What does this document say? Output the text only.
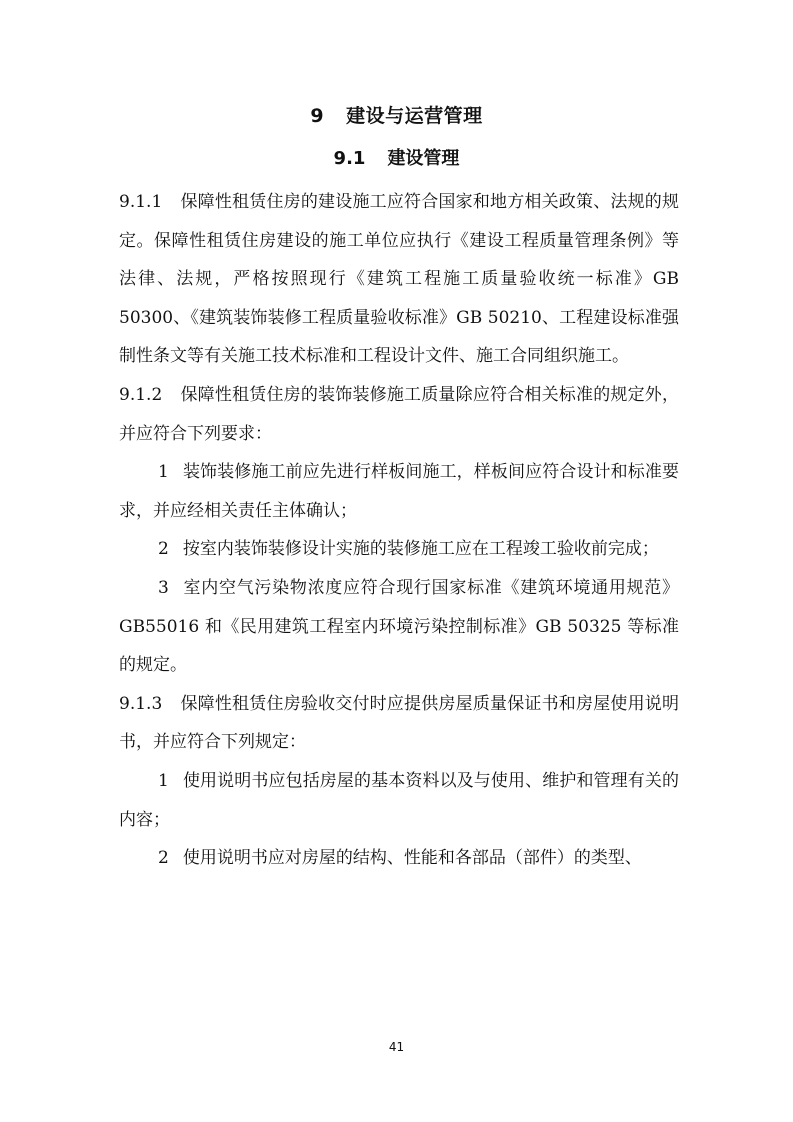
9 建设与运营管理
9.1 建设管理

9.1.1 保障性租赁住房的建设施工应符合国家和地方相关政策、法规的规定。保障性租赁住房建设的施工单位应执行《建设工程质量管理条例》等法律、法规，严格按照现行《建筑工程施工质量验收统一标准》GB 50300、《建筑装饰装修工程质量验收标准》GB 50210、工程建设标准强制性条文等有关施工技术标准和工程设计文件、施工合同组织施工。

9.1.2 保障性租赁住房的装饰装修施工质量除应符合相关标准的规定外，并应符合下列要求：

1 装饰装修施工前应先进行样板间施工，样板间应符合设计和标准要求，并应经相关责任主体确认；

2 按室内装饰装修设计实施的装修施工应在工程竣工验收前完成；

3 室内空气污染物浓度应符合现行国家标准《建筑环境通用规范》GB55016 和《民用建筑工程室内环境污染控制标准》GB 50325 等标准的规定。

9.1.3 保障性租赁住房验收交付时应提供房屋质量保证书和房屋使用说明书，并应符合下列规定：

1 使用说明书应包括房屋的基本资料以及与使用、维护和管理有关的内容；

2 使用说明书应对房屋的结构、性能和各部品（部件）的类型、

41
